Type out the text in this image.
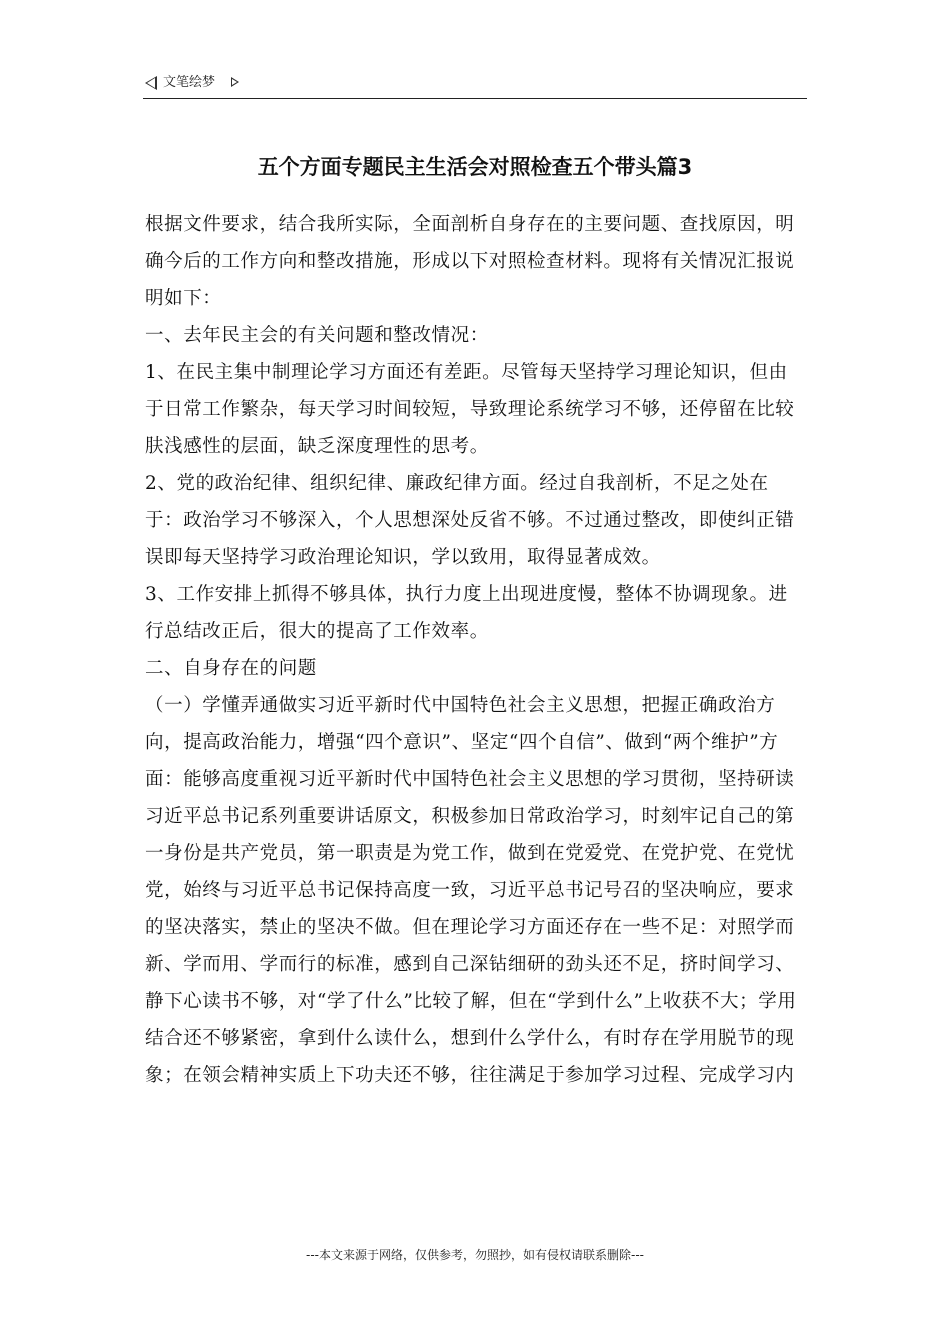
文笔绘梦
五个方面专题民主生活会对照检查五个带头篇3

根据文件要求，结合我所实际，全面剖析自身存在的主要问题、查找原因，明确今后的工作方向和整改措施，形成以下对照检查材料。现将有关情况汇报说明如下：

一、去年民主会的有关问题和整改情况：

1、在民主集中制理论学习方面还有差距。尽管每天坚持学习理论知识，但由于日常工作繁杂，每天学习时间较短，导致理论系统学习不够，还停留在比较肤浅感性的层面，缺乏深度理性的思考。

2、党的政治纪律、组织纪律、廉政纪律方面。经过自我剖析，不足之处在于：政治学习不够深入，个人思想深处反省不够。不过通过整改，即使纠正错误即每天坚持学习政治理论知识，学以致用，取得显著成效。

3、工作安排上抓得不够具体，执行力度上出现进度慢，整体不协调现象。进行总结改正后，很大的提高了工作效率。

二、自身存在的问题

（一）学懂弄通做实习近平新时代中国特色社会主义思想，把握正确政治方向，提高政治能力，增强“四个意识”、坚定“四个自信”、做到“两个维护”方面：能够高度重视习近平新时代中国特色社会主义思想的学习贯彻，坚持研读习近平总书记系列重要讲话原文，积极参加日常政治学习，时刻牢记自己的第一身份是共产党员，第一职责是为党工作，做到在党爱党、在党护党、在党忧党，始终与习近平总书记保持高度一致，习近平总书记号召的坚决响应，要求的坚决落实，禁止的坚决不做。但在理论学习方面还存在一些不足：对照学而新、学而用、学而行的标准，感到自己深钻细研的劲头还不足，挤时间学习、静下心读书不够，对“学了什么”比较了解，但在“学到什么”上收获不大；学用结合还不够紧密，拿到什么读什么，想到什么学什么，有时存在学用脱节的现象；在领会精神实质上下功夫还不够，往往满足于参加学习过程、完成学习内

---本文来源于网络，仅供参考，勿照抄，如有侵权请联系删除---
